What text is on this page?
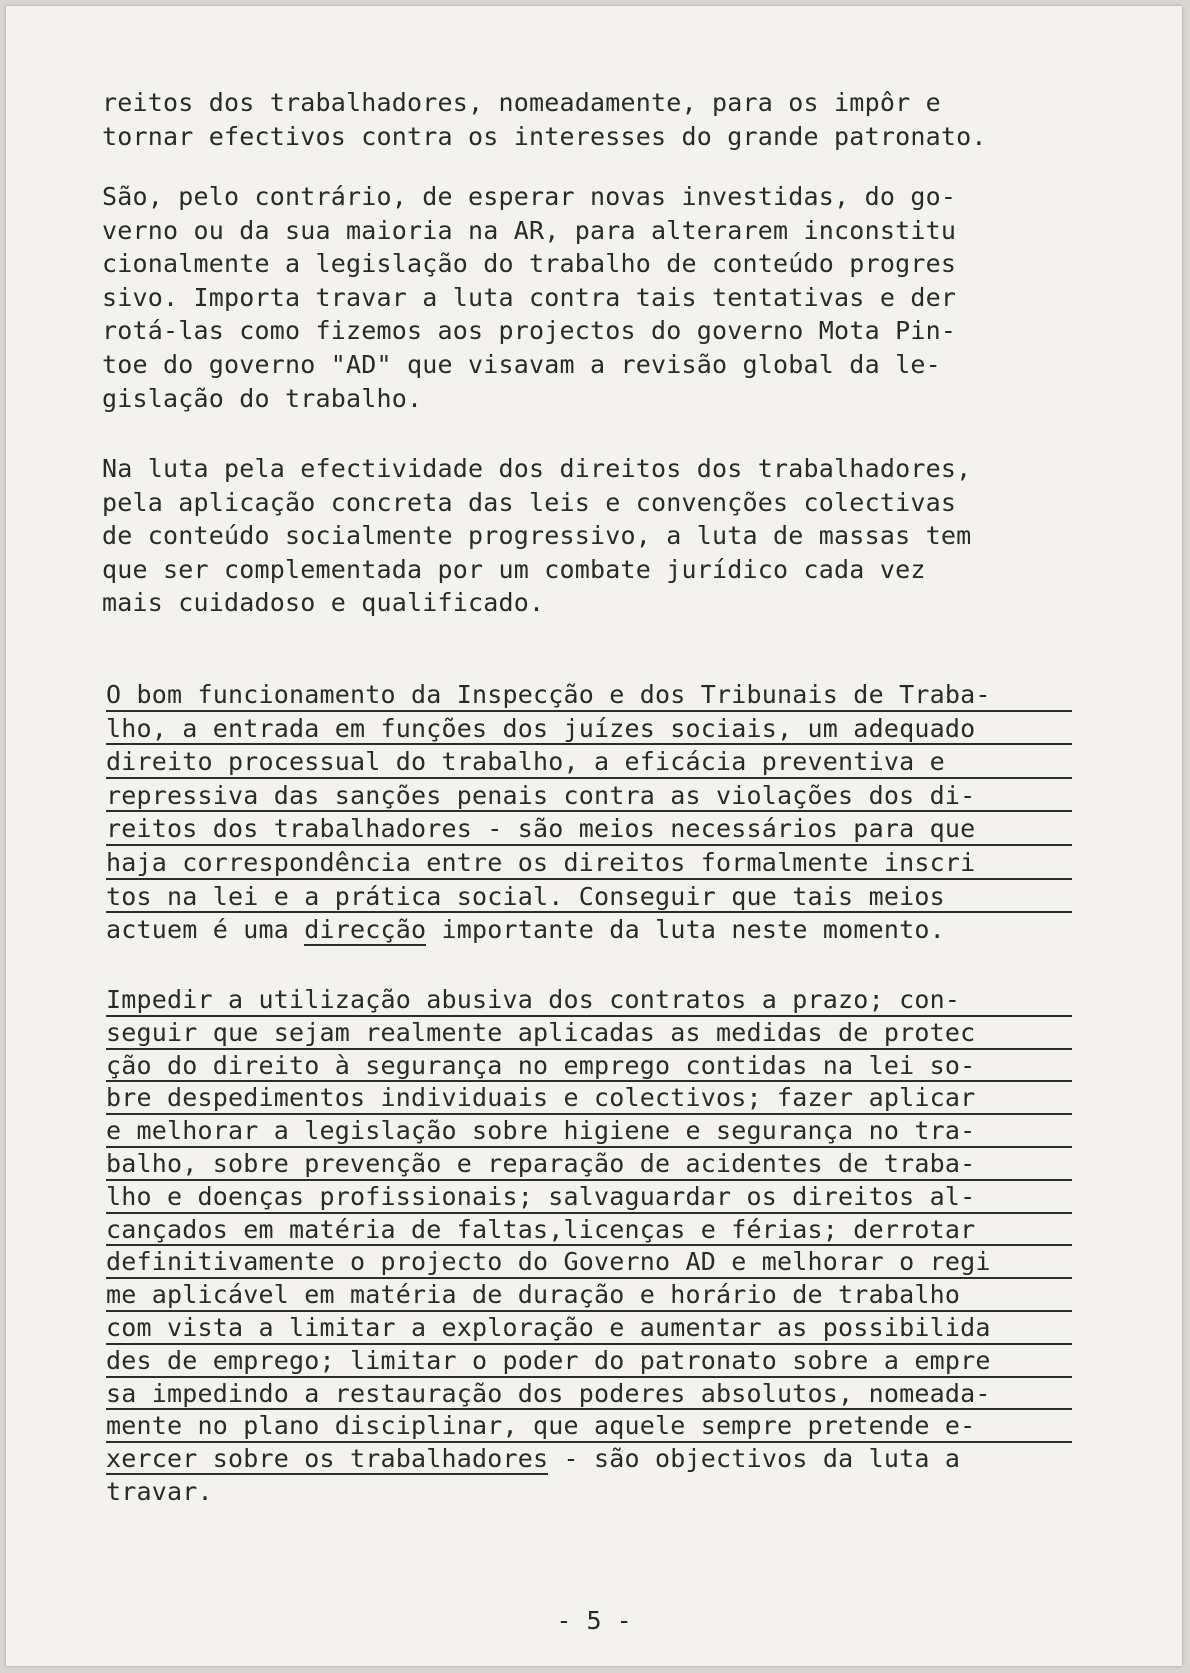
reitos dos trabalhadores, nomeadamente, para os impôr e
tornar efectivos contra os interesses do grande patronato.
São, pelo contrário, de esperar novas investidas, do go-
verno ou da sua maioria na AR, para alterarem inconstitu
cionalmente a legislação do trabalho de conteúdo progres
sivo. Importa travar a luta contra tais tentativas e der
rotá-las como fizemos aos projectos do governo Mota Pin-
toe do governo "AD" que visavam a revisão global da le-
gislação do trabalho.
Na luta pela efectividade dos direitos dos trabalhadores,
pela aplicação concreta das leis e convenções colectivas
de conteúdo socialmente progressivo, a luta de massas tem
que ser complementada por um combate jurídico cada vez
mais cuidadoso e qualificado.
O bom funcionamento da Inspecção e dos Tribunais de Traba-
lho, a entrada em funções dos juízes sociais, um adequado
direito processual do trabalho, a eficácia preventiva e
repressiva das sanções penais contra as violações dos di-
reitos dos trabalhadores - são meios necessários para que
haja correspondência entre os direitos formalmente inscri
tos na lei e a prática social. Conseguir que tais meios
actuem é uma direcção importante da luta neste momento.
Impedir a utilização abusiva dos contratos a prazo; con-
seguir que sejam realmente aplicadas as medidas de protec
ção do direito à segurança no emprego contidas na lei so-
bre despedimentos individuais e colectivos; fazer aplicar
e melhorar a legislação sobre higiene e segurança no tra-
balho, sobre prevenção e reparação de acidentes de traba-
lho e doenças profissionais; salvaguardar os direitos al-
cançados em matéria de faltas,licenças e férias; derrotar
definitivamente o projecto do Governo AD e melhorar o regi
me aplicável em matéria de duração e horário de trabalho
com vista a limitar a exploração e aumentar as possibilida
des de emprego; limitar o poder do patronato sobre a empre
sa impedindo a restauração dos poderes absolutos, nomeada-
mente no plano disciplinar, que aquele sempre pretende e-
xercer sobre os trabalhadores - são objectivos da luta a
travar.
- 5 -
